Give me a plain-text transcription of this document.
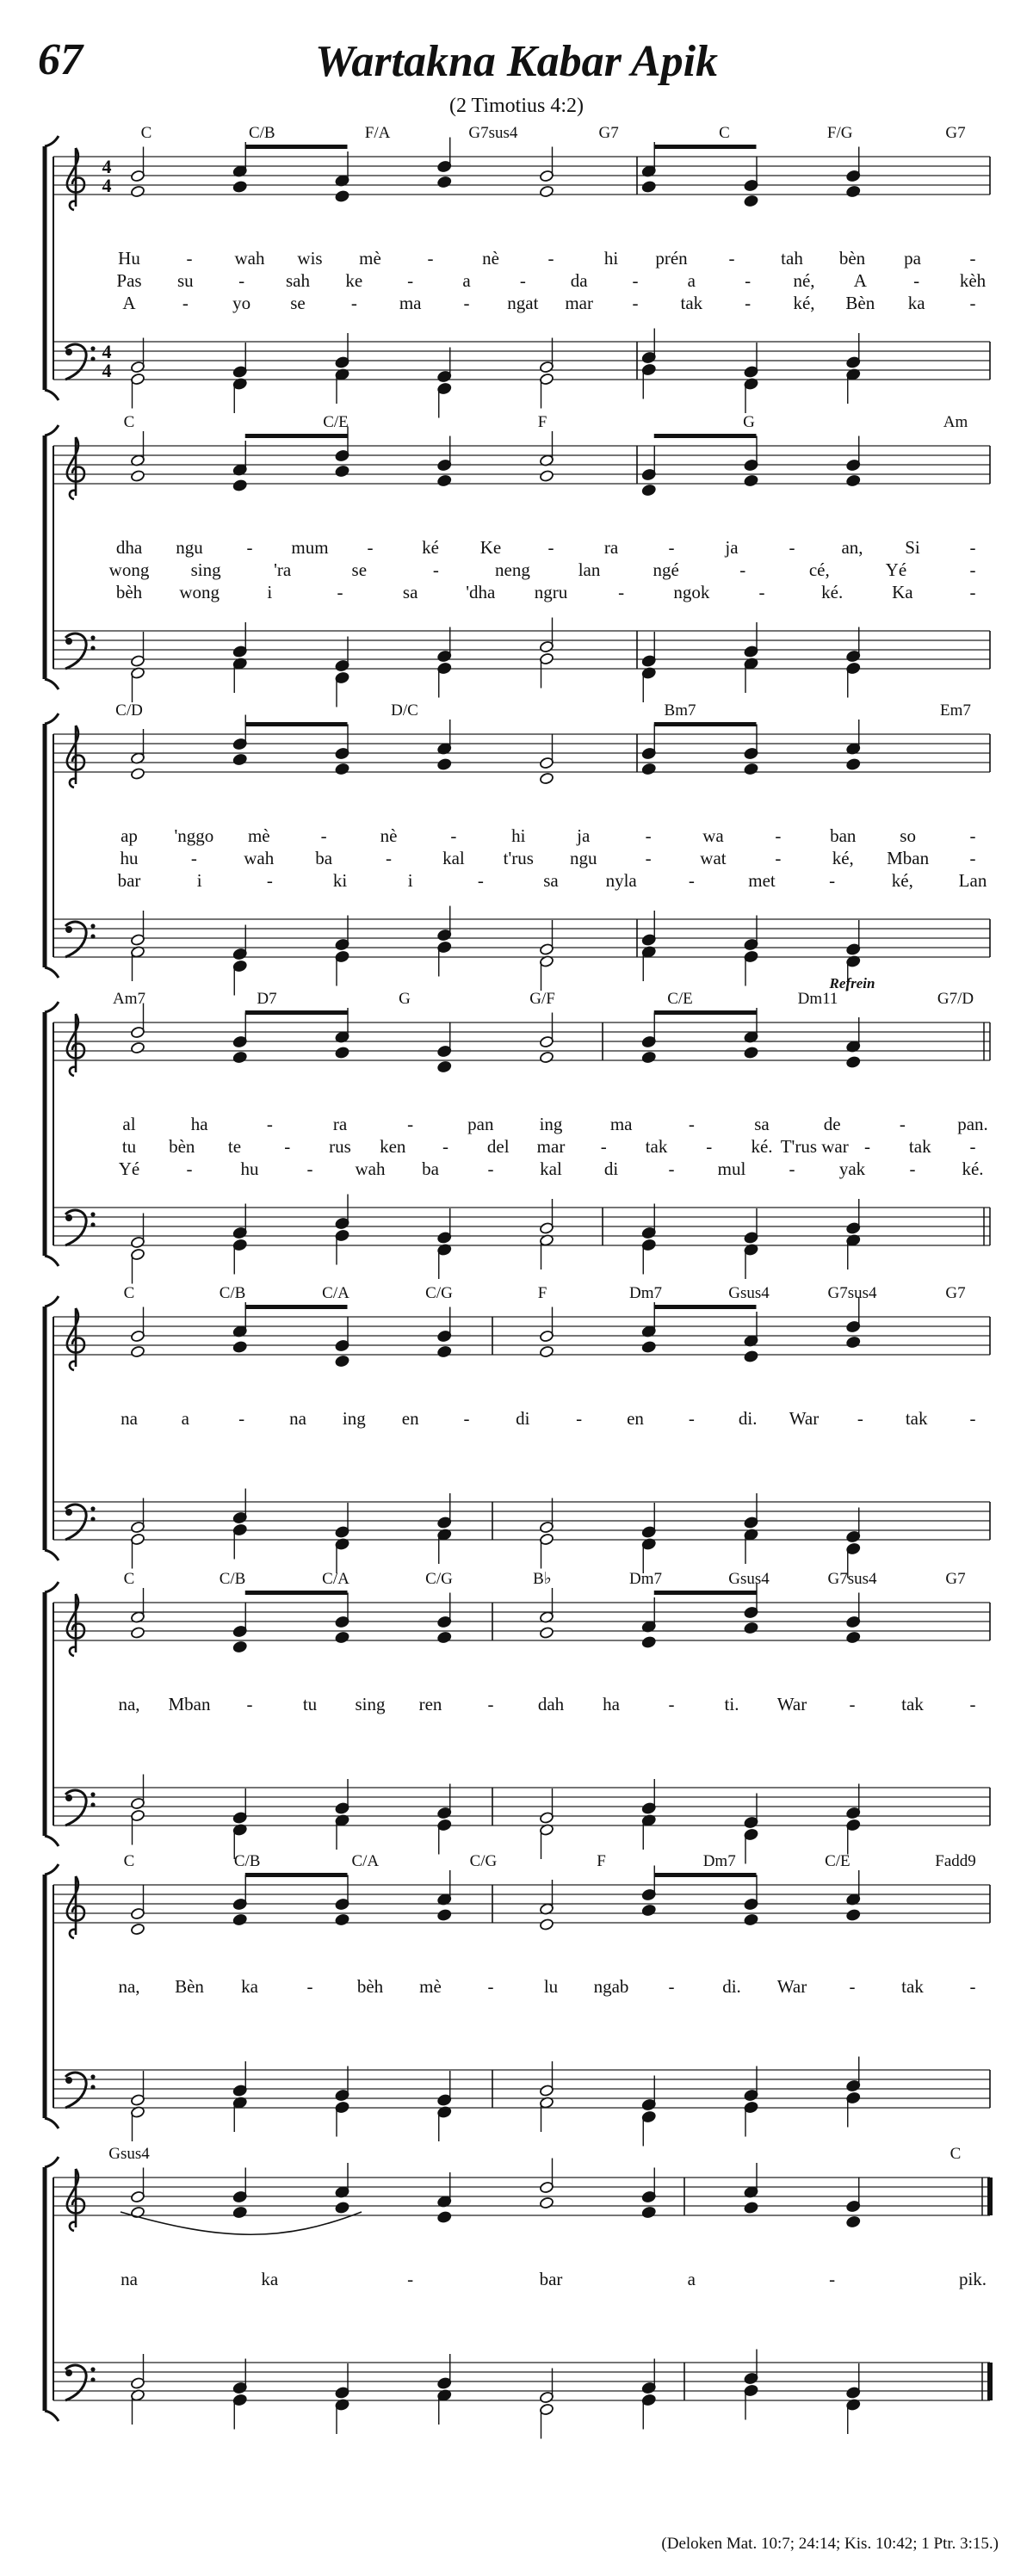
67	Wartakna Kabar Apik
(2 Timotius 4:2)
4
4
4
4
C	C/B	F/A	G7sus4	G7	C	F/G	G7
Hu	- wah wis mè	-	nè	-	hi prén -	tah bèn pa	-
Pas su - sah ke -	a	- da -	a	- né, A	- kèh
A	- yo se	- ma - ngat mar - tak - ké, Bèn ka -
C	C/E	F	G	Am
dha ngu - mum -	ké Ke	-	ra	-	ja	-	an, Si	-
wong sing	'ra	se	-	neng	lan	ngé	-	cé,	Yé	-
bèh wong	i	-	sa	'dha ngru	-	ngok	-	ké.	Ka	-
C/D	D/C	Bm7	Em7
ap 'nggo mè	-	nè	-	hi	ja	-	wa	-	ban so	-
hu	-	wah ba	-	kal t'rus ngu	-	wat	-	ké, Mban -
bar	i	-	ki	i	-	sa	nyla	-	met	-	ké,	Lan
Am7	D7	G	G/F	C/E	Dm11	G7/D
Refrein
al	ha	-	ra	-	pan	ing	ma	-	sa	de	-	pan.
tu bèn te - rus ken - del mar - tak - ké. T'rus war - tak -
Yé	-	hu	- wah ba	-	kal di	- mul - yak -	ké.
C	C/B	C/A	C/G	F	Dm7	Gsus4	G7sus4	G7
na a	- na ing en -	di	- en - di. War - tak -
C	C/B	C/A	C/G	B♭	Dm7	Gsus4	G7sus4	G7
na, Mban -	tu sing ren	- dah ha	-	ti. War -	tak	-
C	C/B	C/A	C/G	F	Dm7	C/E	Fadd9
na, Bèn ka	- bèh mè	-	lu ngab -	di. War -	tak	-
Gsus4	C
na	ka	-	bar	a	-	pik.
(Deloken Mat. 10:7; 24:14; Kis. 10:42; 1 Ptr. 3:15.)
